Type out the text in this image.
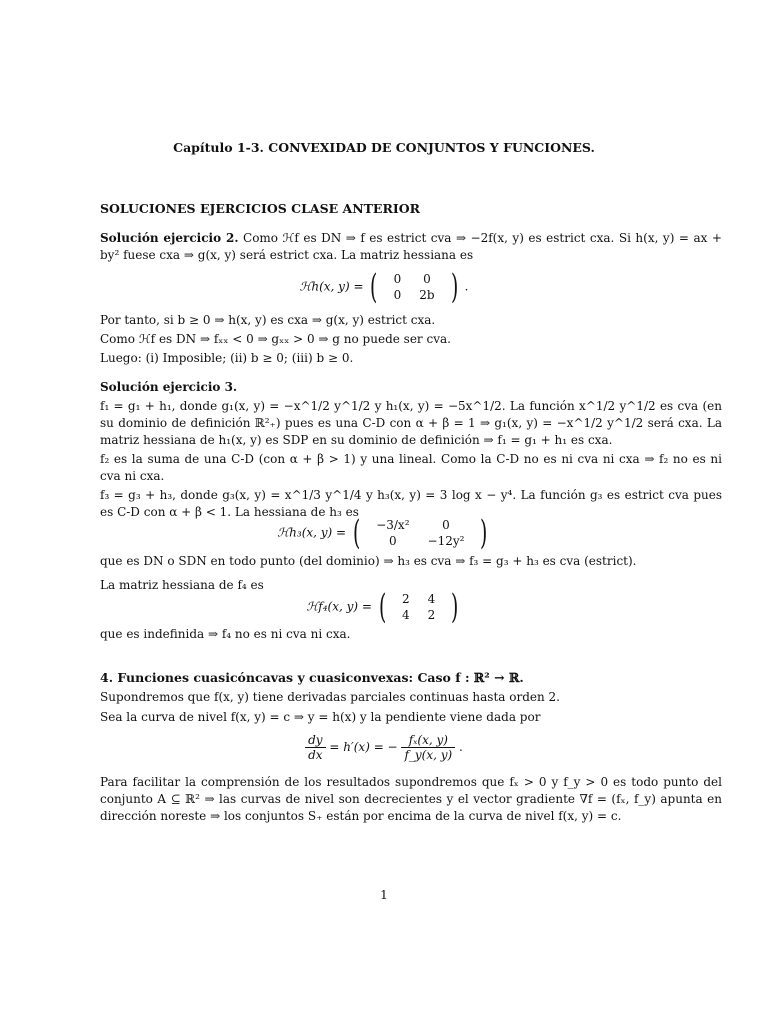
Capítulo 1-3. CONVEXIDAD DE CONJUNTOS Y FUNCIONES.
SOLUCIONES EJERCICIOS CLASE ANTERIOR
Solución ejercicio 2. Como ℋf es DN ⇒ f es estrict cva ⇒ −2f(x, y) es estrict cxa. Si h(x, y) = ax + by² fuese cxa ⇒ g(x, y) será estrict cxa. La matriz hessiana es
ℋh(x, y) = ( 0	0
0	2b ) .
Por tanto, si b ≥ 0 ⇒ h(x, y) es cxa ⇒ g(x, y) estrict cxa.
Como ℋf es DN ⇒ fₓₓ < 0 ⇒ gₓₓ > 0 ⇒ g no puede ser cva.
Luego: (i) Imposible; (ii) b ≥ 0; (iii) b ≥ 0.
Solución ejercicio 3.
f₁ = g₁ + h₁, donde g₁(x, y) = −x^1/2 y^1/2 y h₁(x, y) = −5x^1/2. La función x^1/2 y^1/2 es cva (en su dominio de definición ℝ²₊) pues es una C-D con α + β = 1 ⇒ g₁(x, y) = −x^1/2 y^1/2 será cxa. La matriz hessiana de h₁(x, y) es SDP en su dominio de definición ⇒ f₁ = g₁ + h₁ es cxa.
f₂ es la suma de una C-D (con α + β > 1) y una lineal. Como la C-D no es ni cva ni cxa ⇒ f₂ no es ni cva ni cxa.
f₃ = g₃ + h₃, donde g₃(x, y) = x^1/3 y^1/4 y h₃(x, y) = 3 log x − y⁴. La función g₃ es estrict cva pues es C-D con α + β < 1. La hessiana de h₃ es
ℋh₃(x, y) = ( −3/x²	0
0	−12y² )
que es DN o SDN en todo punto (del dominio) ⇒ h₃ es cva ⇒ f₃ = g₃ + h₃ es cva (estrict).
La matriz hessiana de f₄ es
ℋf₄(x, y) = ( 2	4
4	2 )
que es indefinida ⇒ f₄ no es ni cva ni cxa.
4. Funciones cuasicóncavas y cuasiconvexas: Caso f : ℝ² → ℝ.
Supondremos que f(x, y) tiene derivadas parciales continuas hasta orden 2.
Sea la curva de nivel f(x, y) = c ⇒ y = h(x) y la pendiente viene dada por
$\frac{dy}{dx} = h'(x)$ = − $\frac{\text{fₓ(x, y)}}{f\_y(x, y)}$ .
Para facilitar la comprensión de los resultados supondremos que fₓ > 0 y f_y > 0 es todo punto del conjunto A ⊆ ℝ² ⇒ las curvas de nivel son decrecientes y el vector gradiente ∇f = (fₓ, f_y) apunta en dirección noreste ⇒ los conjuntos S₊ están por encima de la curva de nivel f(x, y) = c.
1
